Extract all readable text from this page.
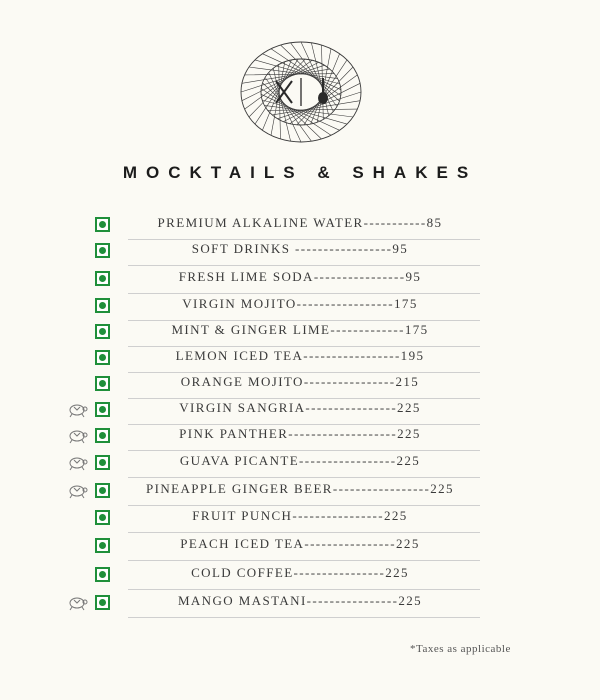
MOCKTAILS & SHAKES
PREMIUM ALKALINE WATER-----------85
SOFT DRINKS -----------------95
FRESH LIME SODA----------------95
VIRGIN MOJITO-----------------175
MINT & GINGER LIME-------------175
LEMON ICED TEA-----------------195
ORANGE MOJITO----------------215
VIRGIN SANGRIA----------------225
PINK PANTHER-------------------225
GUAVA PICANTE-----------------225
PINEAPPLE GINGER BEER-----------------225
FRUIT PUNCH----------------225
PEACH ICED TEA----------------225
COLD COFFEE----------------225
MANGO MASTANI----------------225
*Taxes as applicable
